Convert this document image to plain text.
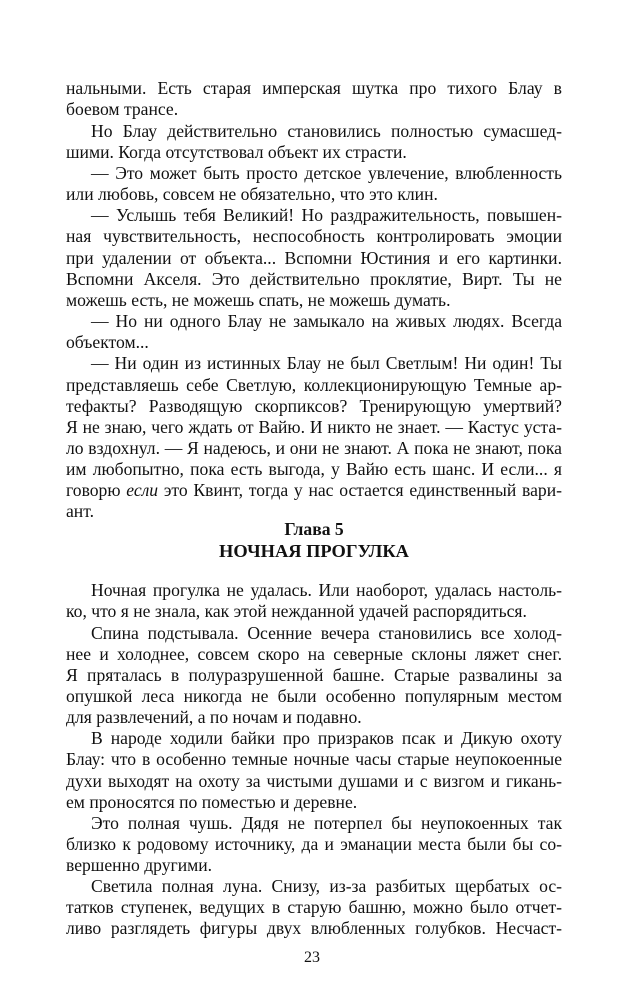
нальными. Есть старая имперская шутка про тихого Блау в

боевом трансе.

Но Блау действительно становились полностью сумасшед-

шими. Когда отсутствовал объект их страсти.

— Это может быть просто детское увлечение, влюбленность

или любовь, совсем не обязательно, что это клин.

— Услышь тебя Великий! Но раздражительность, повышен-

ная чувствительность, неспособность контролировать эмоции

при удалении от объекта... Вспомни Юстиния и его картинки.

Вспомни Акселя. Это действительно проклятие, Вирт. Ты не

можешь есть, не можешь спать, не можешь думать.

— Но ни одного Блау не замыкало на живых людях. Всегда

объектом...

— Ни один из истинных Блау не был Светлым! Ни один! Ты

представляешь себе Светлую, коллекционирующую Темные ар-

тефакты? Разводящую скорпиксов? Тренирующую умертвий?

Я не знаю, чего ждать от Вайю. И никто не знает. — Кастус уста-

ло вздохнул. — Я надеюсь, и они не знают. А пока не знают, пока

им любопытно, пока есть выгода, у Вайю есть шанс. И если... я

говорю если это Квинт, тогда у нас остается единственный вари-

ант.

Глава 5

НОЧНАЯ ПРОГУЛКА

Ночная прогулка не удалась. Или наоборот, удалась настоль-

ко, что я не знала, как этой нежданной удачей распорядиться.

Спина подстывала. Осенние вечера становились все холод-

нее и холоднее, совсем скоро на северные склоны ляжет снег.

Я пряталась в полуразрушенной башне. Старые развалины за

опушкой леса никогда не были особенно популярным местом

для развлечений, а по ночам и подавно.

В народе ходили байки про призраков псак и Дикую охоту

Блау: что в особенно темные ночные часы старые неупокоенные

духи выходят на охоту за чистыми душами и с визгом и гикань-

ем проносятся по поместью и деревне.

Это полная чушь. Дядя не потерпел бы неупокоенных так

близко к родовому источнику, да и эманации места были бы со-

вершенно другими.

Светила полная луна. Снизу, из-за разбитых щербатых ос-

татков ступенек, ведущих в старую башню, можно было отчет-

ливо разглядеть фигуры двух влюбленных голубков. Несчаст-

23
